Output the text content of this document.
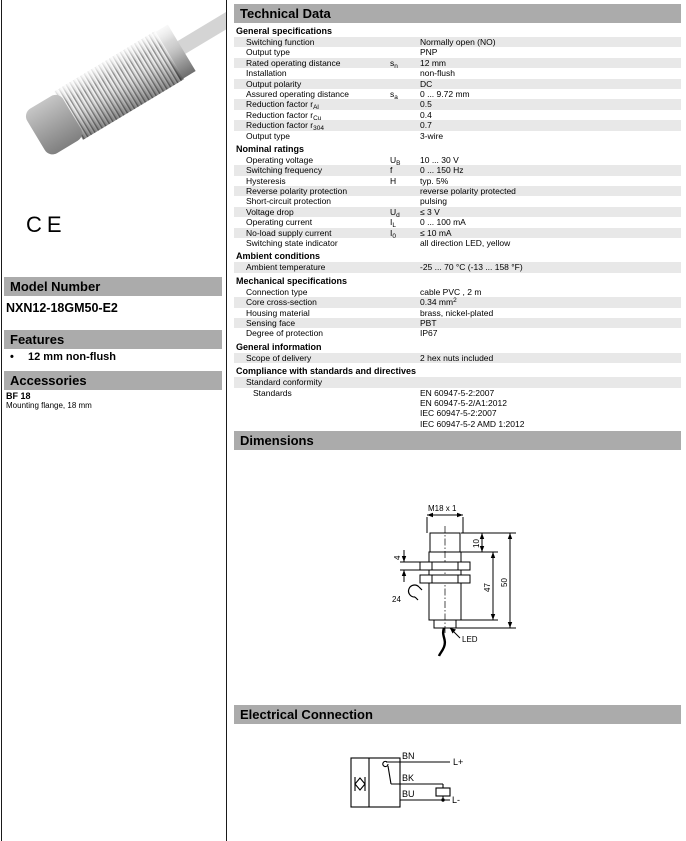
CE
Model Number
NXN12-18GM50-E2
Features
•	12 mm non-flush
Accessories
BF 18
Mounting flange, 18 mm
Technical Data
General specifications
Switching function	Normally open (NO)
Output type	PNP
Rated operating distance	$s_n$	12 mm
Installation	non-flush
Output polarity	DC
Assured operating distance	$s_a$	0 ... 9.72 mm
Reduction factor $r_{Al}$	0.5
Reduction factor $r_{Cu}$	0.4
Reduction factor $r_{304}$	0.7
Output type	3-wire
Nominal ratings
Operating voltage	$U_B$	10 ... 30 V
Switching frequency	f	0 ... 150 Hz
Hysteresis	H	typ. 5%
Reverse polarity protection	reverse polarity protected
Short-circuit protection	pulsing
Voltage drop	$U_d$	≤ 3 V
Operating current	$I_L$	0 ... 100 mA
No-load supply current	$I_0$	≤ 10 mA
Switching state indicator	all direction LED, yellow
Ambient conditions
Ambient temperature	-25 ... 70 °C (-13 ... 158 °F)
Mechanical specifications
Connection type	cable PVC , 2 m
Core cross-section	0.34 $mm^2$
Housing material	brass, nickel-plated
Sensing face	PBT
Degree of protection	IP67
General information
Scope of delivery	2 hex nuts included
Compliance with standards and directives
Standard conformity
Standards	EN 60947-5-2:2007
EN 60947-5-2/A1:2012
IEC 60947-5-2:2007
IEC 60947-5-2 AMD 1:2012
Dimensions
M18 x 1
LED
4
24
10
47
50
Electrical Connection
BN
L+
BK
BU
L-
